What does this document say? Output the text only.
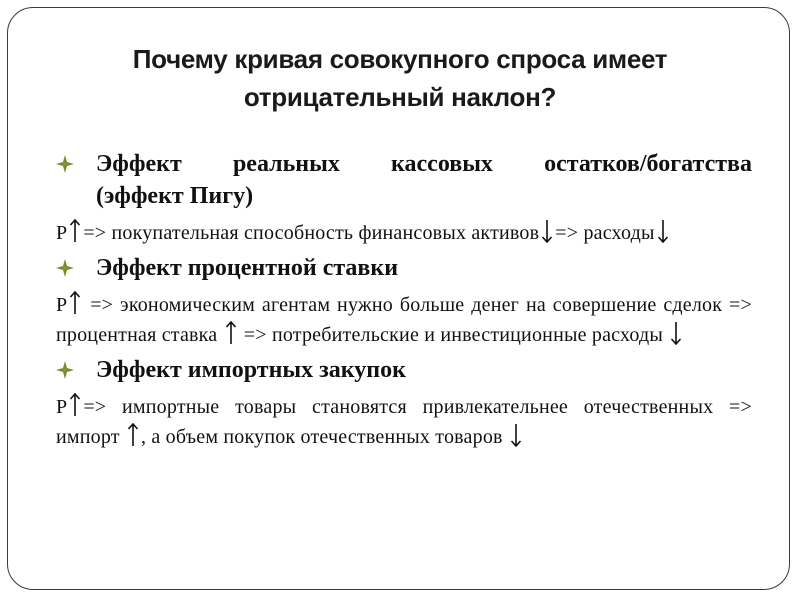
Почему кривая совокупного спроса имеет
отрицательный наклон?
Эффект реальных кассовых остатков/богатства
(эффект Пигу)
P => покупательная способность финансовых активов => расходы
Эффект процентной ставки
P => экономическим агентам нужно больше денег на совершение сделок => процентная ставка => потребительские и инвестиционные расходы
Эффект импортных закупок
P => импортные товары становятся привлекательнее отечественных => импорт , а объем покупок отечественных товаров
